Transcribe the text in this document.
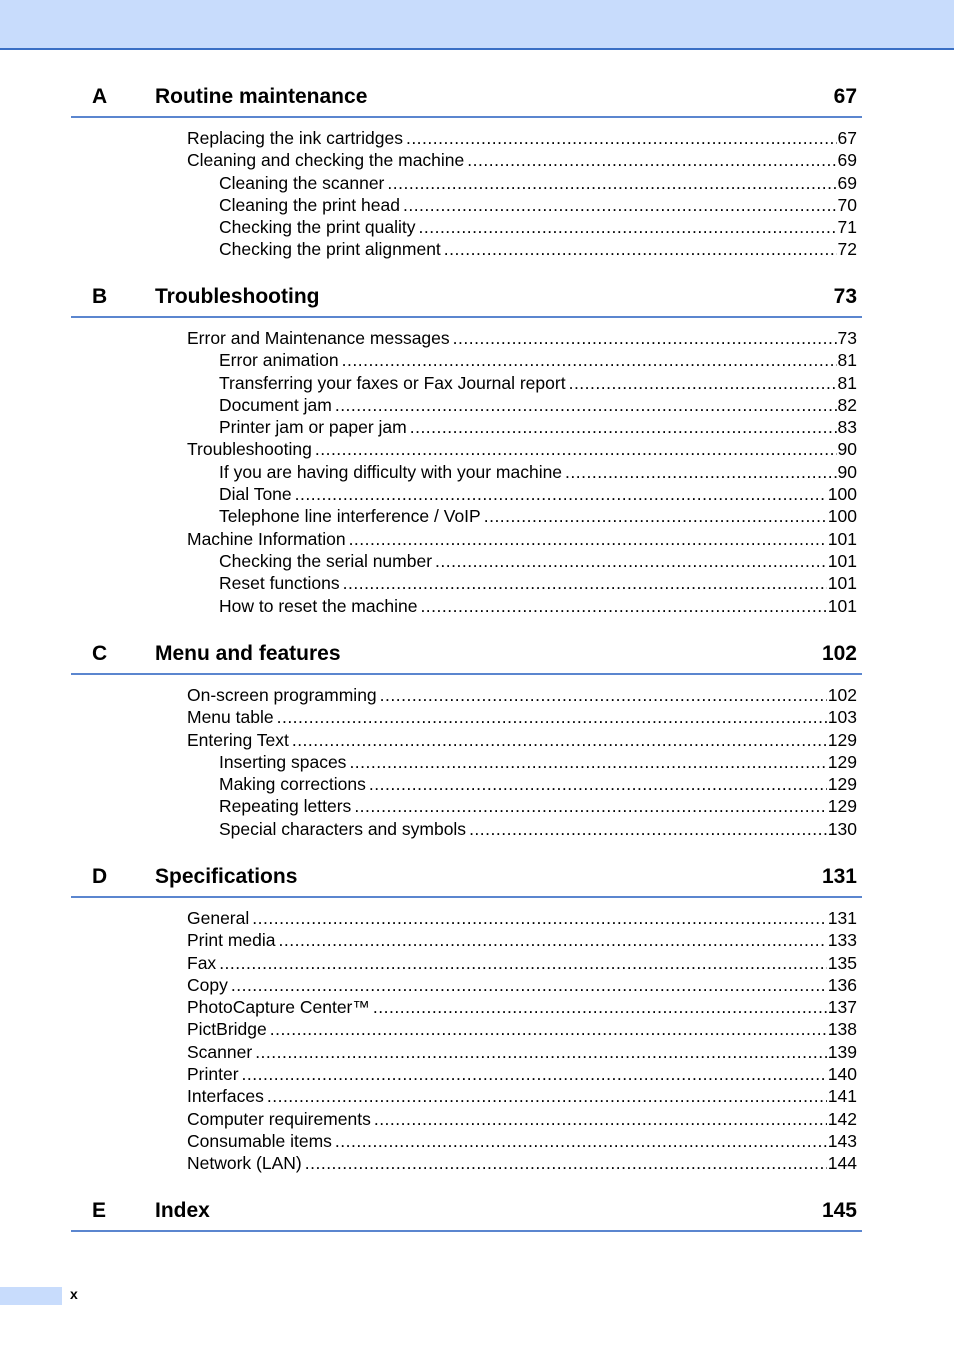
A Routine maintenance	67
Replacing the ink cartridges .....	67
Cleaning and checking the machine .....	69
Cleaning the scanner .....	69
Cleaning the print head .....	70
Checking the print quality .....	71
Checking the print alignment .....	72
B Troubleshooting	73
Error and Maintenance messages .....	73
Error animation .....	81
Transferring your faxes or Fax Journal report .....	81
Document jam .....	82
Printer jam or paper jam .....	83
Troubleshooting .....	90
If you are having difficulty with your machine .....	90
Dial Tone .....	100
Telephone line interference / VoIP .....	100
Machine Information .....	101
Checking the serial number .....	101
Reset functions .....	101
How to reset the machine .....	101
C Menu and features	102
On-screen programming .....	102
Menu table .....	103
Entering Text .....	129
Inserting spaces .....	129
Making corrections .....	129
Repeating letters .....	129
Special characters and symbols .....	130
D Specifications	131
General .....	131
Print media .....	133
Fax .....	135
Copy .....	136
PhotoCapture Center™ .....	137
PictBridge .....	138
Scanner .....	139
Printer .....	140
Interfaces .....	141
Computer requirements .....	142
Consumable items .....	143
Network (LAN) .....	144
E Index	145
x
